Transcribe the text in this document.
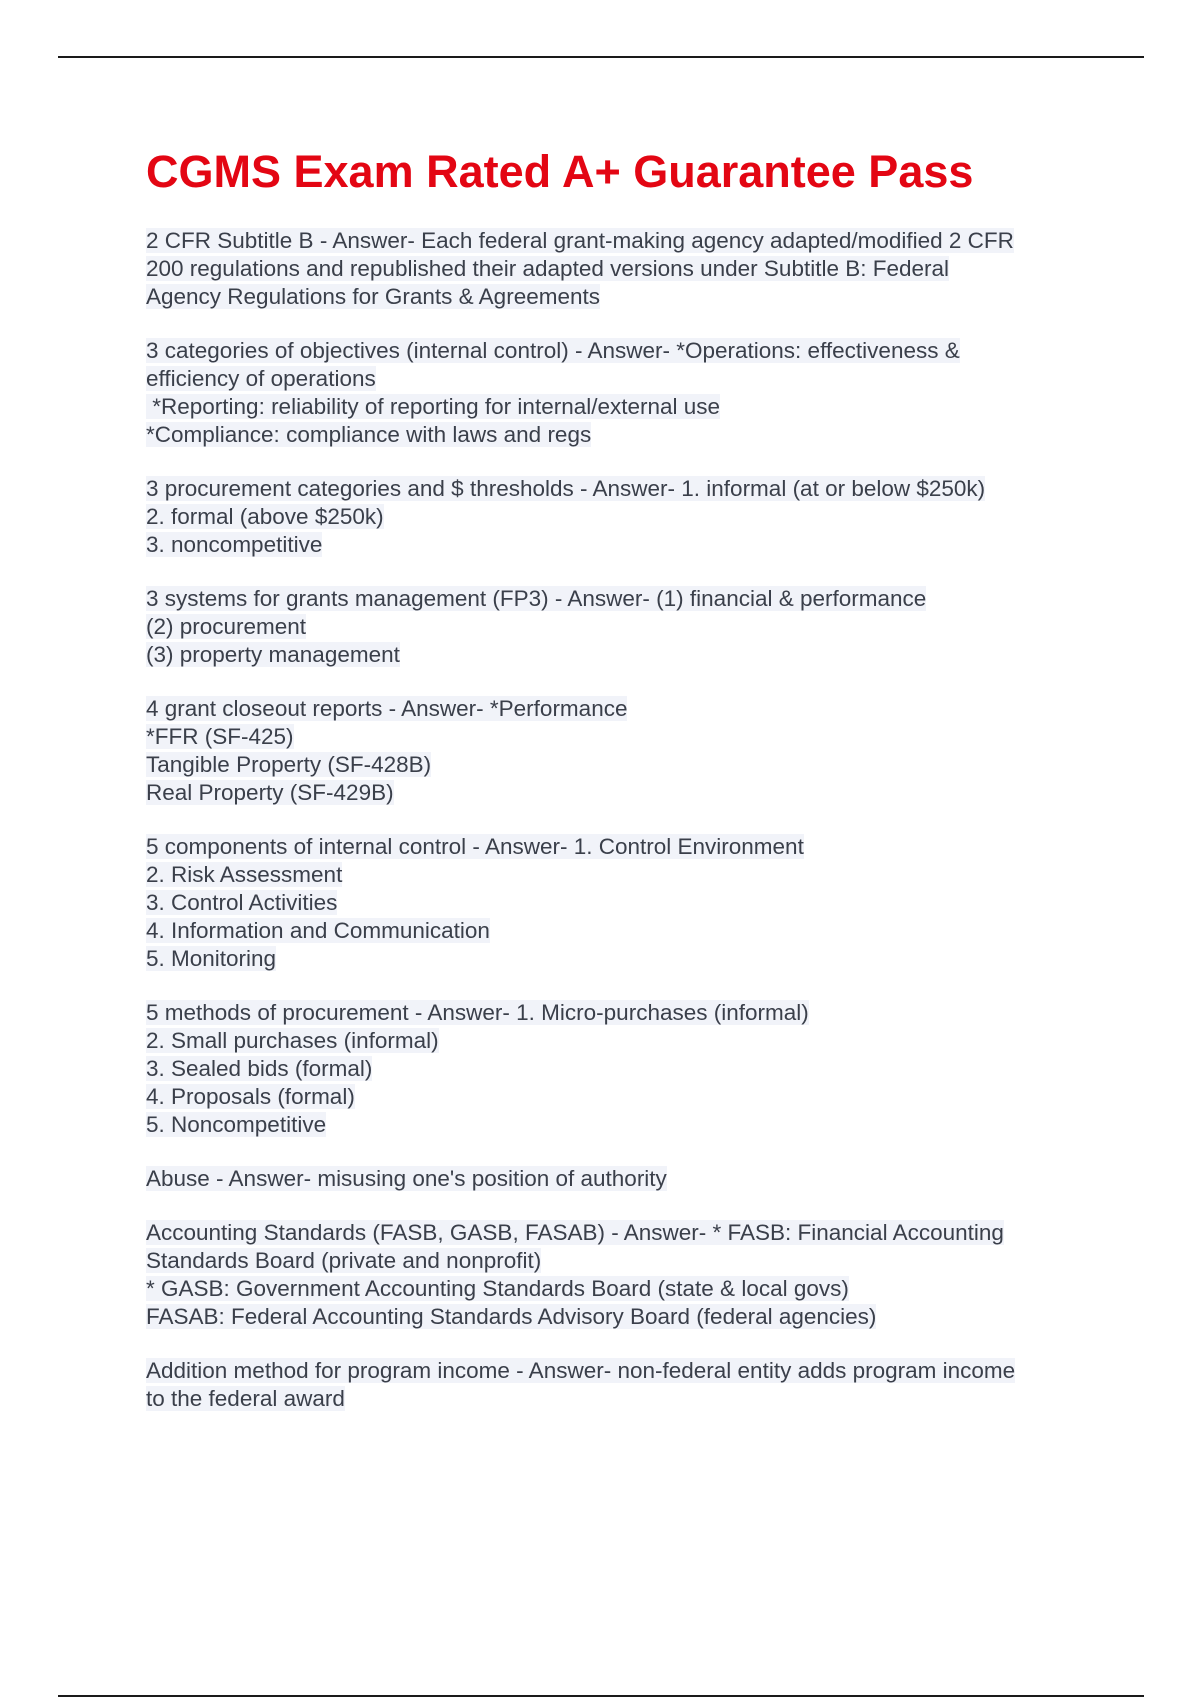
CGMS Exam Rated A+ Guarantee Pass
2 CFR Subtitle B - Answer- Each federal grant-making agency adapted/modified 2 CFR
200 regulations and republished their adapted versions under Subtitle B: Federal
Agency Regulations for Grants & Agreements
3 categories of objectives (internal control) - Answer- *Operations: effectiveness &
efficiency of operations
*Reporting: reliability of reporting for internal/external use
*Compliance: compliance with laws and regs
3 procurement categories and $ thresholds - Answer- 1. informal (at or below $250k)
2. formal (above $250k)
3. noncompetitive
3 systems for grants management (FP3) - Answer- (1) financial & performance
(2) procurement
(3) property management
4 grant closeout reports - Answer- *Performance
*FFR (SF-425)
Tangible Property (SF-428B)
Real Property (SF-429B)
5 components of internal control - Answer- 1. Control Environment
2. Risk Assessment
3. Control Activities
4. Information and Communication
5. Monitoring
5 methods of procurement - Answer- 1. Micro-purchases (informal)
2. Small purchases (informal)
3. Sealed bids (formal)
4. Proposals (formal)
5. Noncompetitive
Abuse - Answer- misusing one's position of authority
Accounting Standards (FASB, GASB, FASAB) - Answer- * FASB: Financial Accounting
Standards Board (private and nonprofit)
* GASB: Government Accounting Standards Board (state & local govs)
FASAB: Federal Accounting Standards Advisory Board (federal agencies)
Addition method for program income - Answer- non-federal entity adds program income
to the federal award
